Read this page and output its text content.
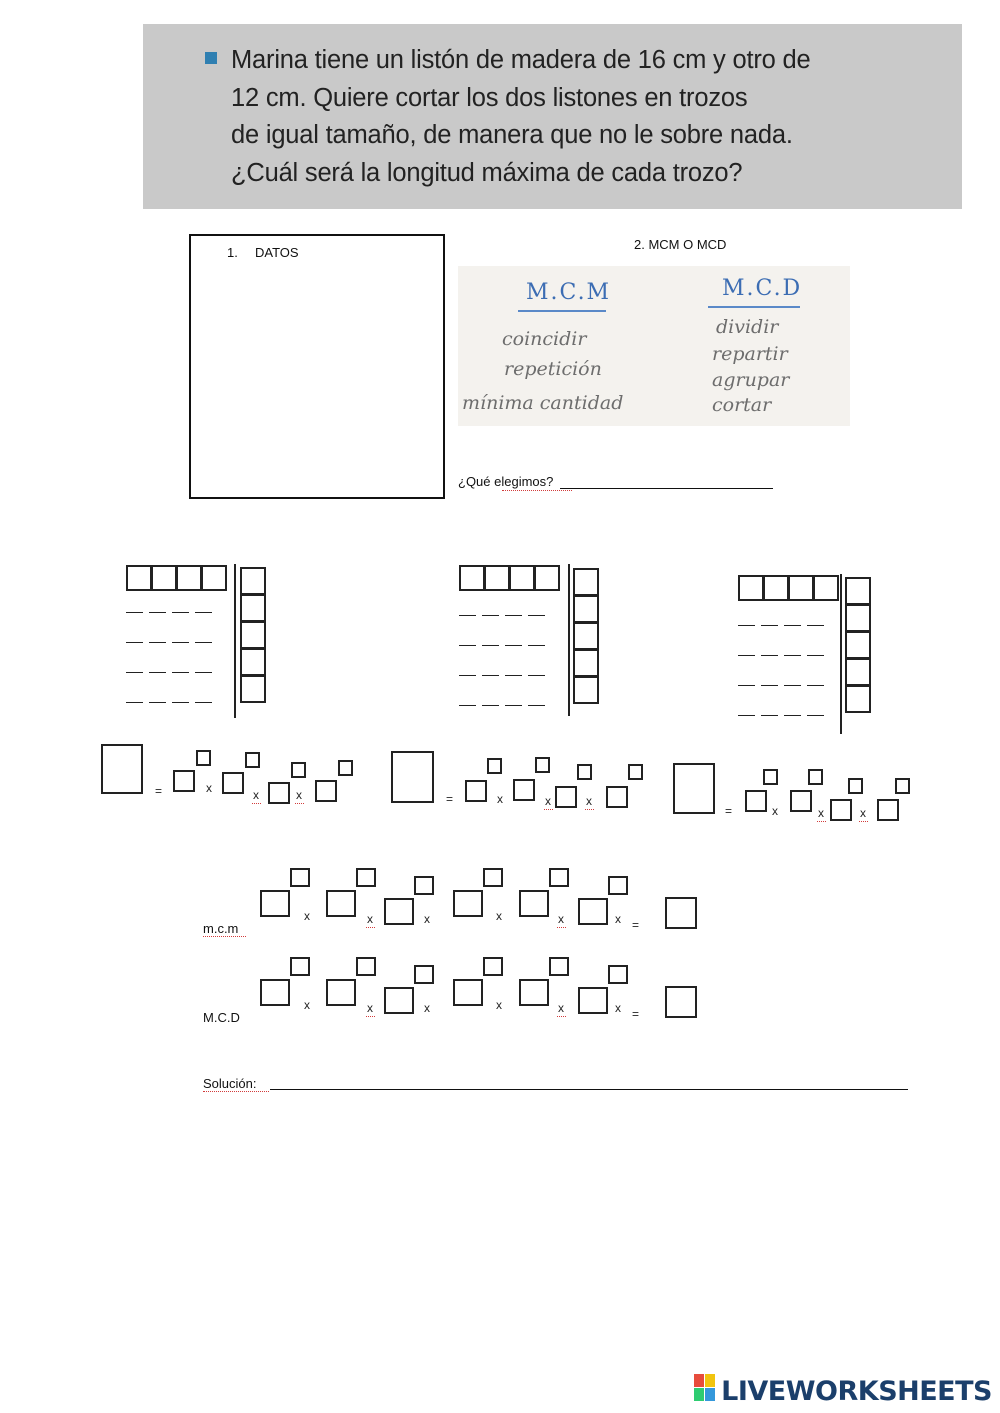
Marina tiene un listón de madera de 16 cm y otro de
12 cm. Quiere cortar los dos listones en trozos
de igual tamaño, de manera que no le sobre nada.
¿Cuál será la longitud máxima de cada trozo?
1. DATOS
2. MCM O MCD
M.C.M
coincidir
repetición
mínima cantidad
M.C.D
dividir
repartir
agrupar
cortar
¿Qué elegimos?
=	x	x	x	=	x	x	x
=	x	x	x
x	x	x	x	x	x =
x	x	x	x	x	x =
m.c.m
M.C.D
Solución:
LIVEWORKSHEETS
